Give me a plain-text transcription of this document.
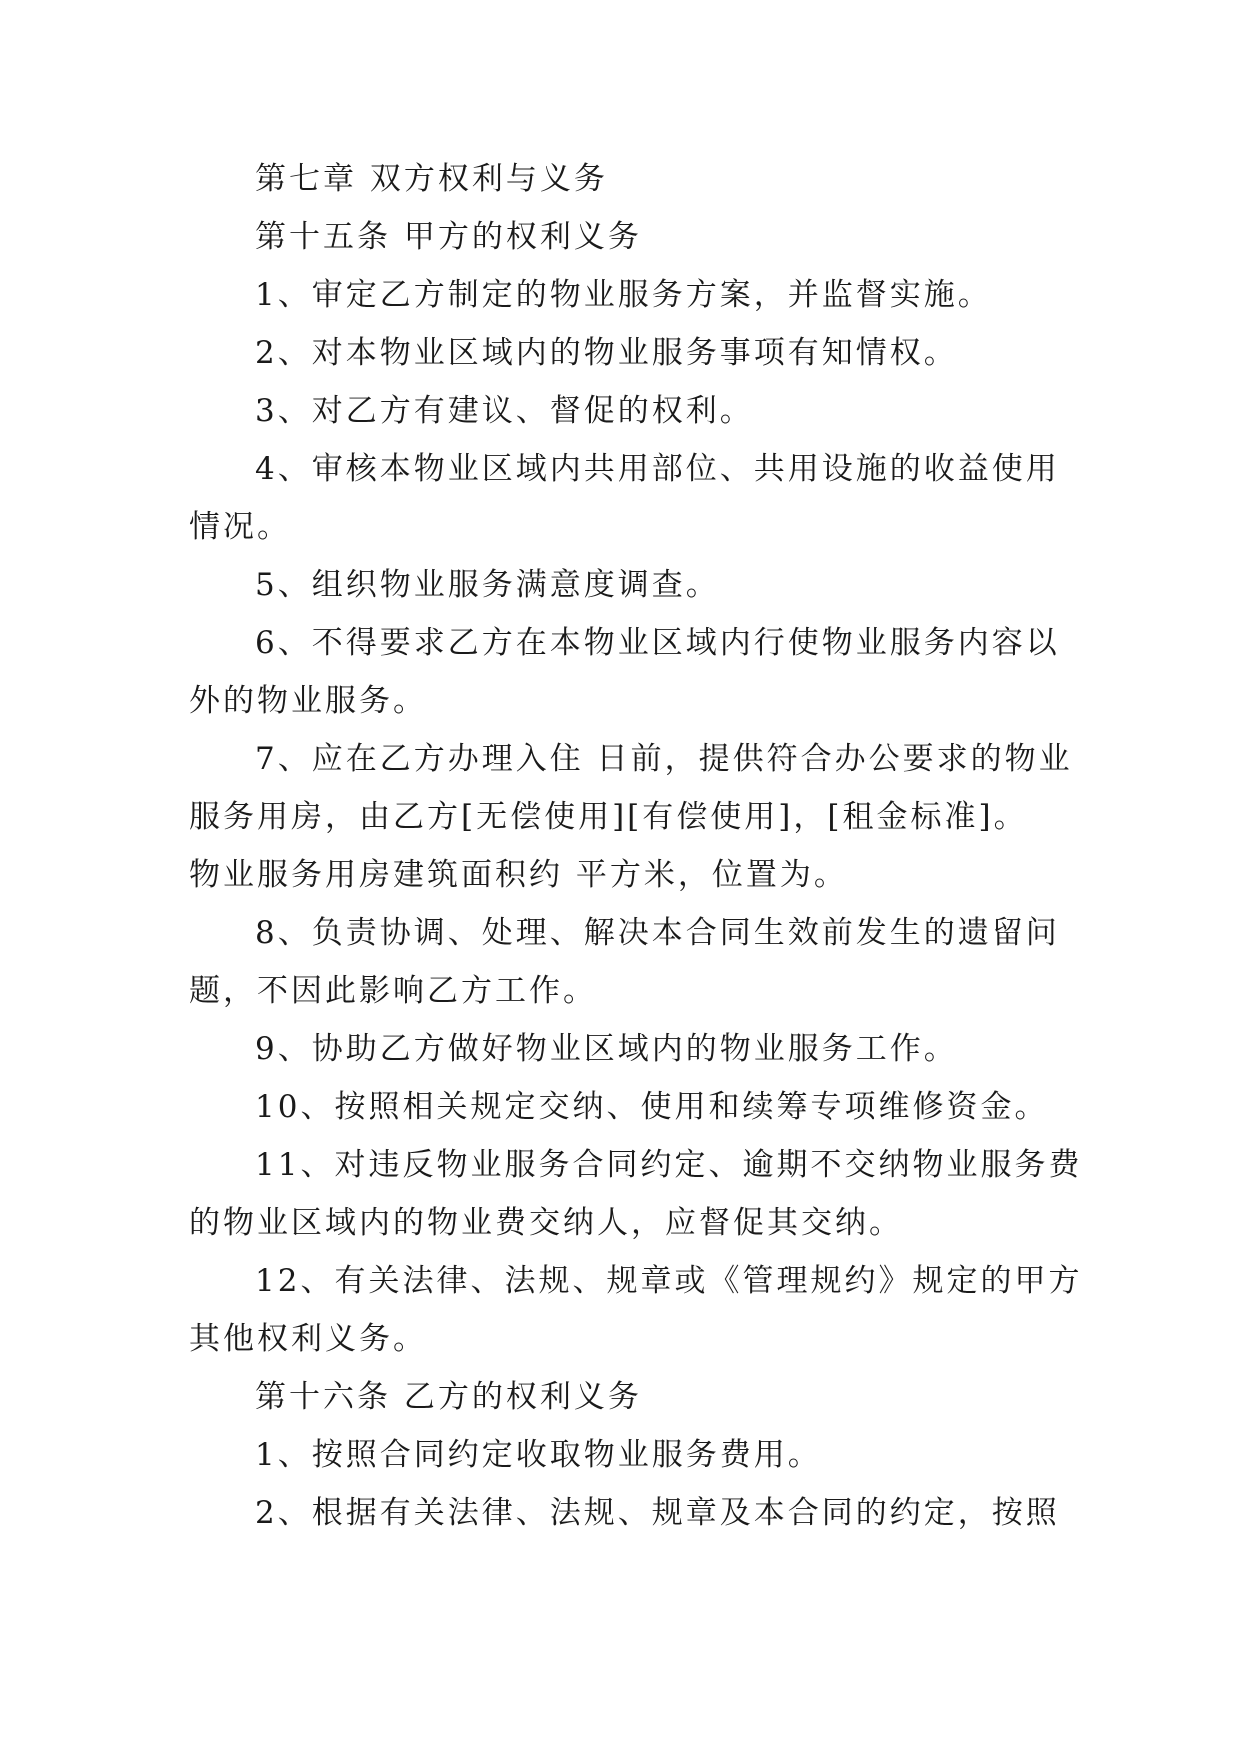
第七章 双方权利与义务
第十五条 甲方的权利义务
1、审定乙方制定的物业服务方案，并监督实施。
2、对本物业区域内的物业服务事项有知情权。
3、对乙方有建议、督促的权利。
4、审核本物业区域内共用部位、共用设施的收益使用
情况。
5、组织物业服务满意度调查。
6、不得要求乙方在本物业区域内行使物业服务内容以
外的物业服务。
7、应在乙方办理入住 日前，提供符合办公要求的物业
服务用房，由乙方[无偿使用][有偿使用]，[租金标准]。
物业服务用房建筑面积约 平方米，位置为。
8、负责协调、处理、解决本合同生效前发生的遗留问
题，不因此影响乙方工作。
9、协助乙方做好物业区域内的物业服务工作。
10、按照相关规定交纳、使用和续筹专项维修资金。
11、对违反物业服务合同约定、逾期不交纳物业服务费
的物业区域内的物业费交纳人，应督促其交纳。
12、有关法律、法规、规章或《管理规约》规定的甲方
其他权利义务。
第十六条 乙方的权利义务
1、按照合同约定收取物业服务费用。
2、根据有关法律、法规、规章及本合同的约定，按照
